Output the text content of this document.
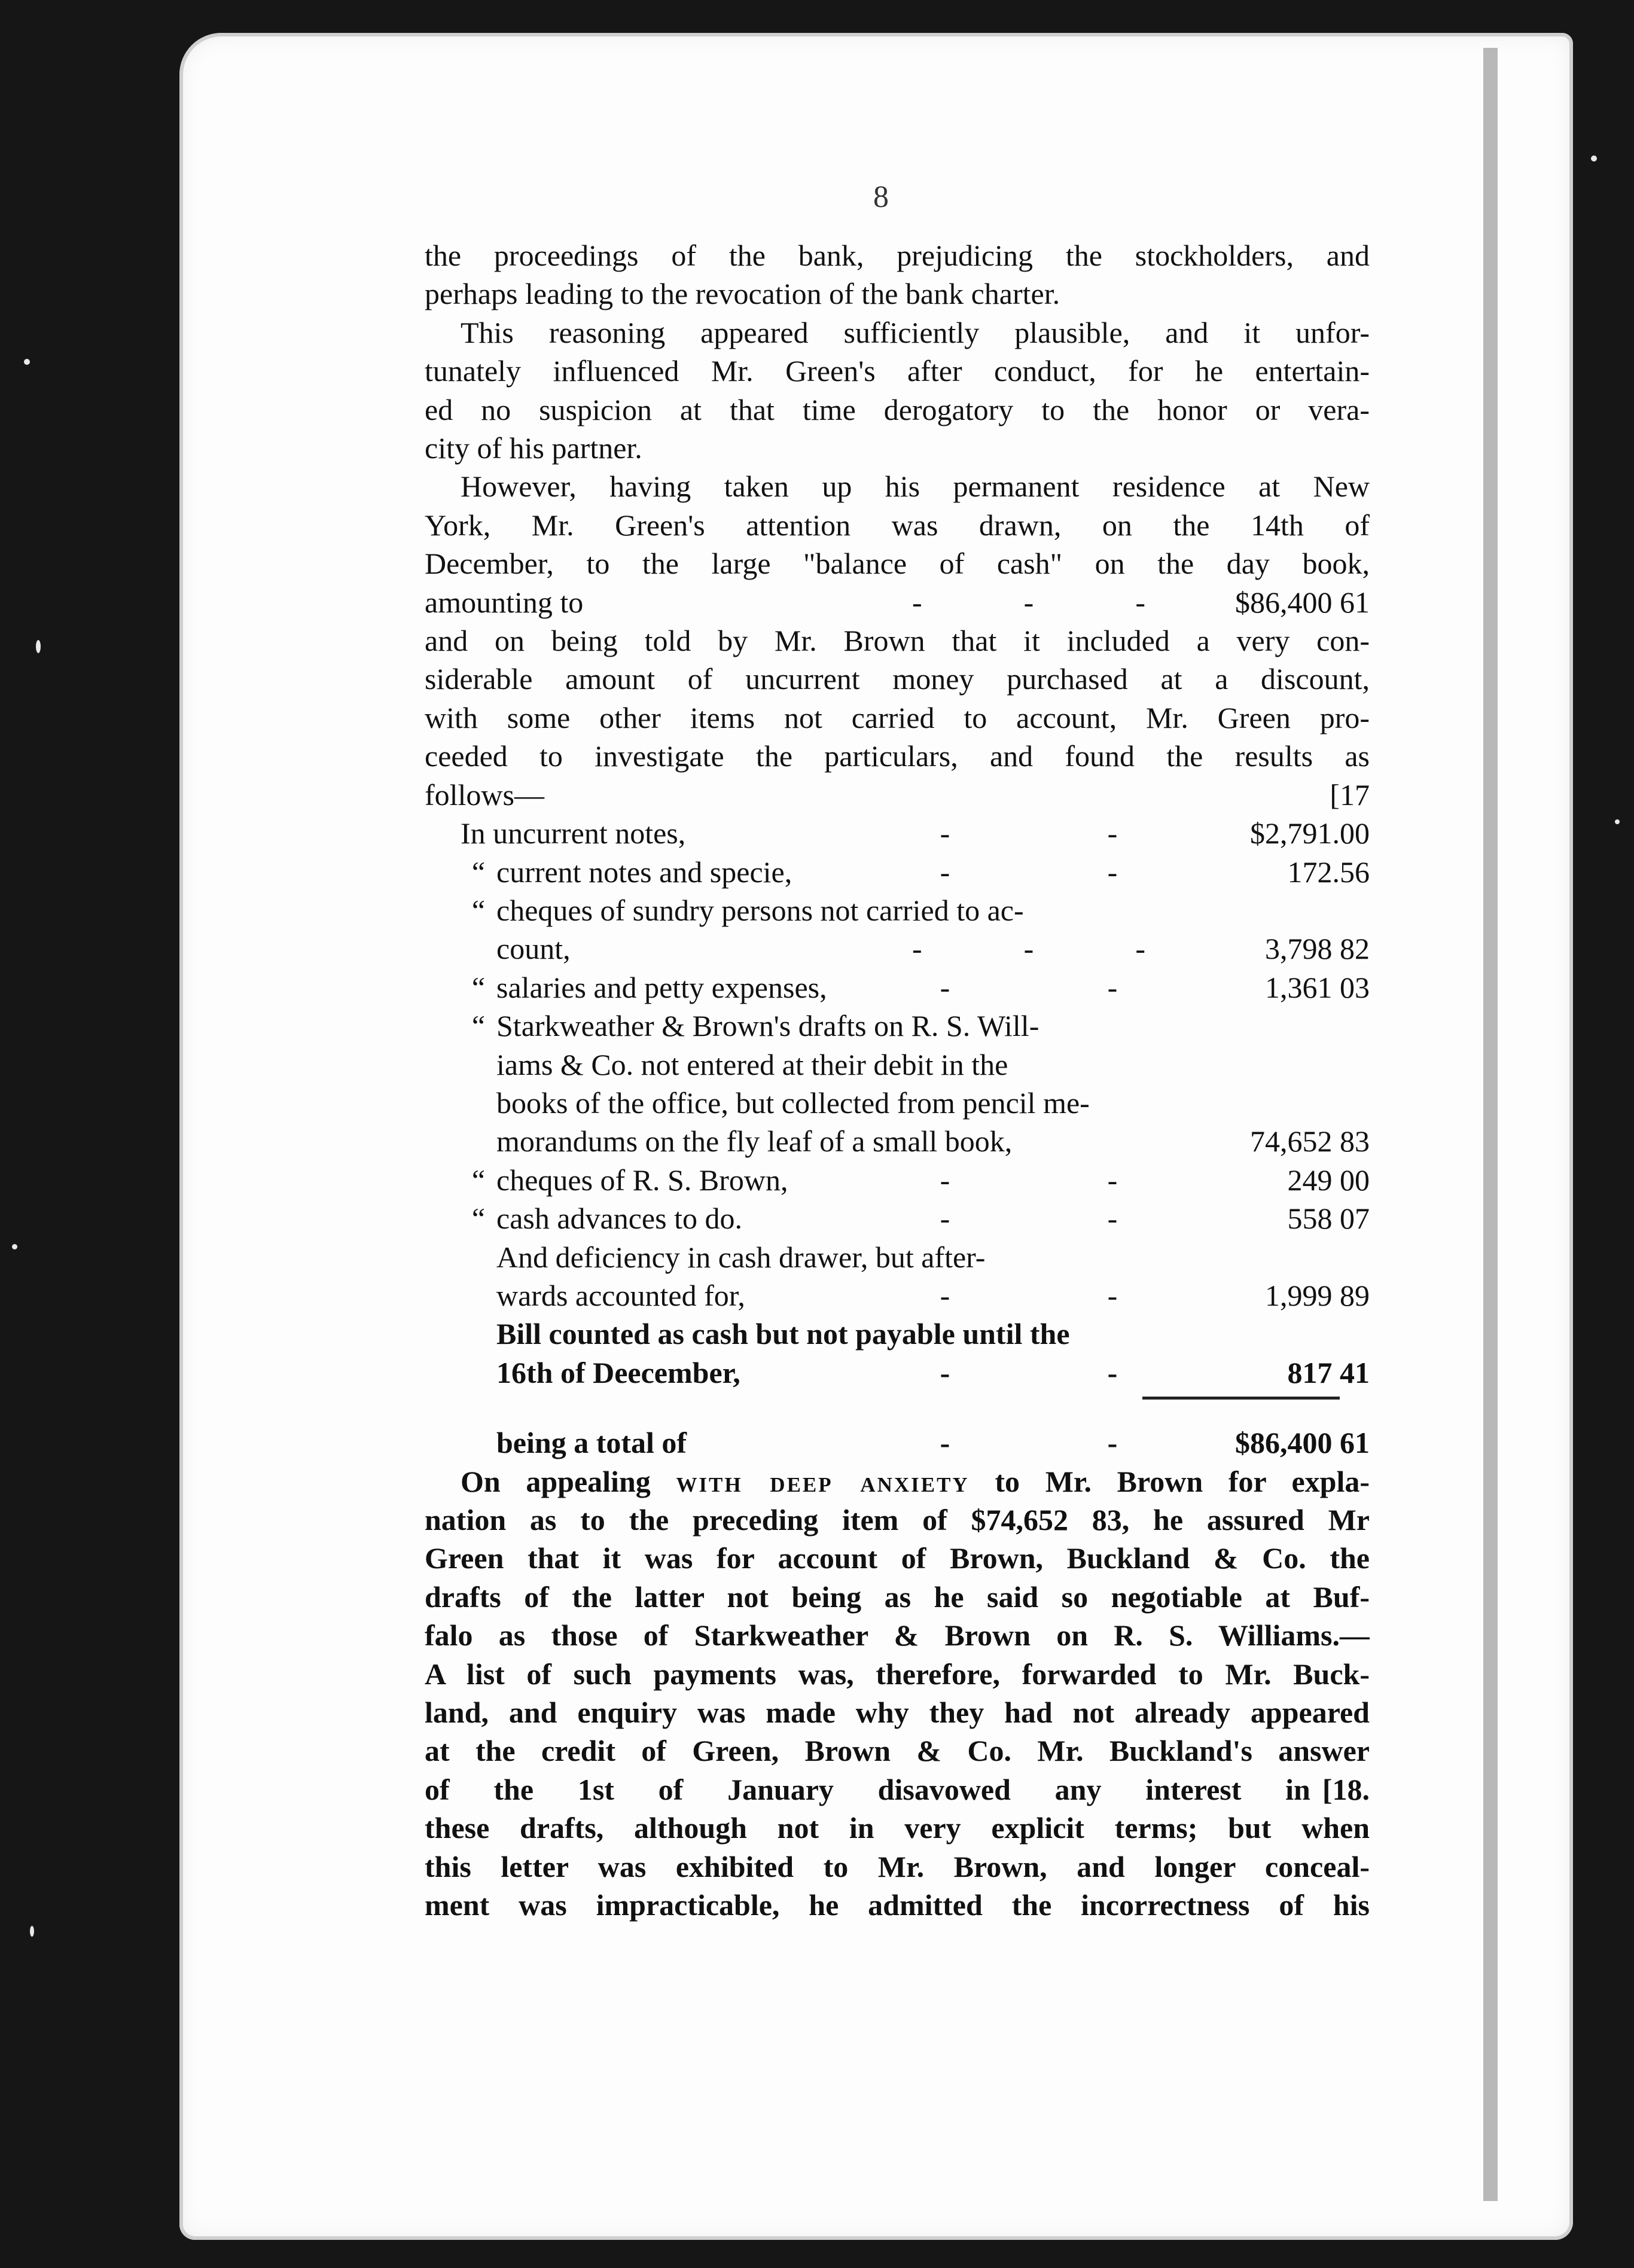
8
the proceedings of the bank, prejudicing the stockholders, and
perhaps leading to the revocation of the bank charter.
This reasoning appeared sufficiently plausible, and it unfor-
tunately influenced Mr. Green's after conduct, for he entertain-
ed no suspicion at that time derogatory to the honor or vera-
city of his partner.
However, having taken up his permanent residence at New
York, Mr. Green's attention was drawn, on the 14th of
December, to the large "balance of cash" on the day book,
amounting to	-	-	-	$86,400 61
and on being told by Mr. Brown that it included a very con-
siderable amount of uncurrent money purchased at a discount,
with some other items not carried to account, Mr. Green pro-
ceeded to investigate the particulars, and found the results as
follows—	[17
In uncurrent notes,	-	-	$2,791.00
“ current notes and specie,	-	-	172.56
“ cheques of sundry persons not carried to ac-
count,	-	-	-	3,798 82
“ salaries and petty expenses,	-	-	1,361 03
“ Starkweather & Brown's drafts on R. S. Will-
iams & Co. not entered at their debit in the
books of the office, but collected from pencil me-
morandums on the fly leaf of a small book,	74,652 83
“ cheques of R. S. Brown,	-	-	249 00
“ cash advances to do.	-	-	558 07
And deficiency in cash drawer, but after-
wards accounted for,	-	-	1,999 89
Bill counted as cash but not payable until the
16th of Deecember,	-	-	817 41
being a total of	-	-	$86,400 61
On appealing with deep anxiety to Mr. Brown for expla-
nation as to the preceding item of $74,652 83, he assured Mr
Green that it was for account of Brown, Buckland & Co. the
drafts of the latter not being as he said so negotiable at Buf-
falo as those of Starkweather & Brown on R. S. Williams.—
A list of such payments was, therefore, forwarded to Mr. Buck-
land, and enquiry was made why they had not already appeared
at the credit of Green, Brown & Co. Mr. Buckland's answer
of the 1st of January disavowed any interest in [18.
these drafts, although not in very explicit terms; but when
this letter was exhibited to Mr. Brown, and longer conceal-
ment was impracticable, he admitted the incorrectness of his
